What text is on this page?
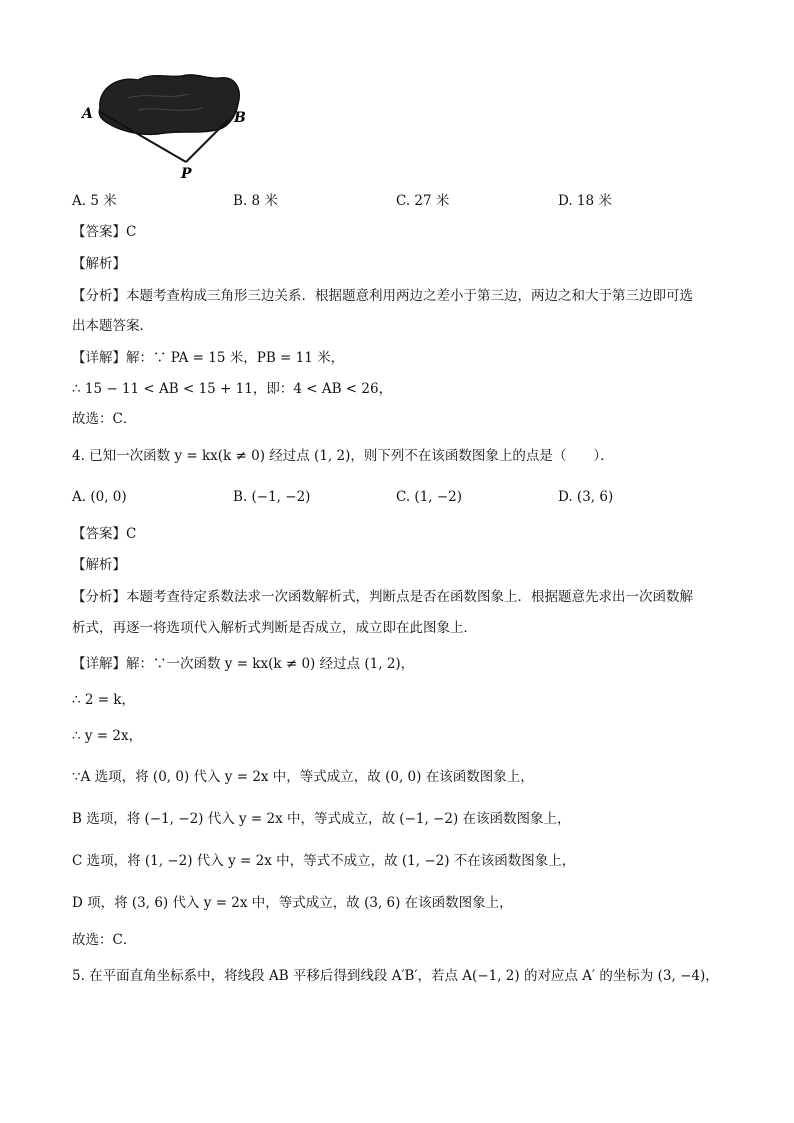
A	B
P
A. 5 米	B. 8 米	C. 27 米	D. 18 米
【答案】C
【解析】
【分析】本题考查构成三角形三边关系．根据题意利用两边之差小于第三边，两边之和大于第三边即可选
出本题答案．
【详解】解：∵ PA = 15 米，PB = 11 米，
∴ 15 − 11 < AB < 15 + 11，即：4 < AB < 26，
故选：C．
4. 已知一次函数 y = kx(k ≠ 0) 经过点 (1, 2)，则下列不在该函数图象上的点是（　　）．
A. (0, 0)	B. (−1, −2)	C. (1, −2)	D. (3, 6)
【答案】C
【解析】
【分析】本题考查待定系数法求一次函数解析式，判断点是否在函数图象上．根据题意先求出一次函数解
析式，再逐一将选项代入解析式判断是否成立，成立即在此图象上．
【详解】解：∵一次函数 y = kx(k ≠ 0) 经过点 (1, 2)，
∴ 2 = k，
∴ y = 2x，
∵A 选项，将 (0, 0) 代入 y = 2x 中，等式成立，故 (0, 0) 在该函数图象上，
B 选项，将 (−1, −2) 代入 y = 2x 中，等式成立，故 (−1, −2) 在该函数图象上，
C 选项，将 (1, −2) 代入 y = 2x 中，等式不成立，故 (1, −2) 不在该函数图象上，
D 项，将 (3, 6) 代入 y = 2x 中，等式成立，故 (3, 6) 在该函数图象上，
故选：C．
5. 在平面直角坐标系中，将线段 AB 平移后得到线段 A′B′，若点 A(−1, 2) 的对应点 A′ 的坐标为 (3, −4)，
